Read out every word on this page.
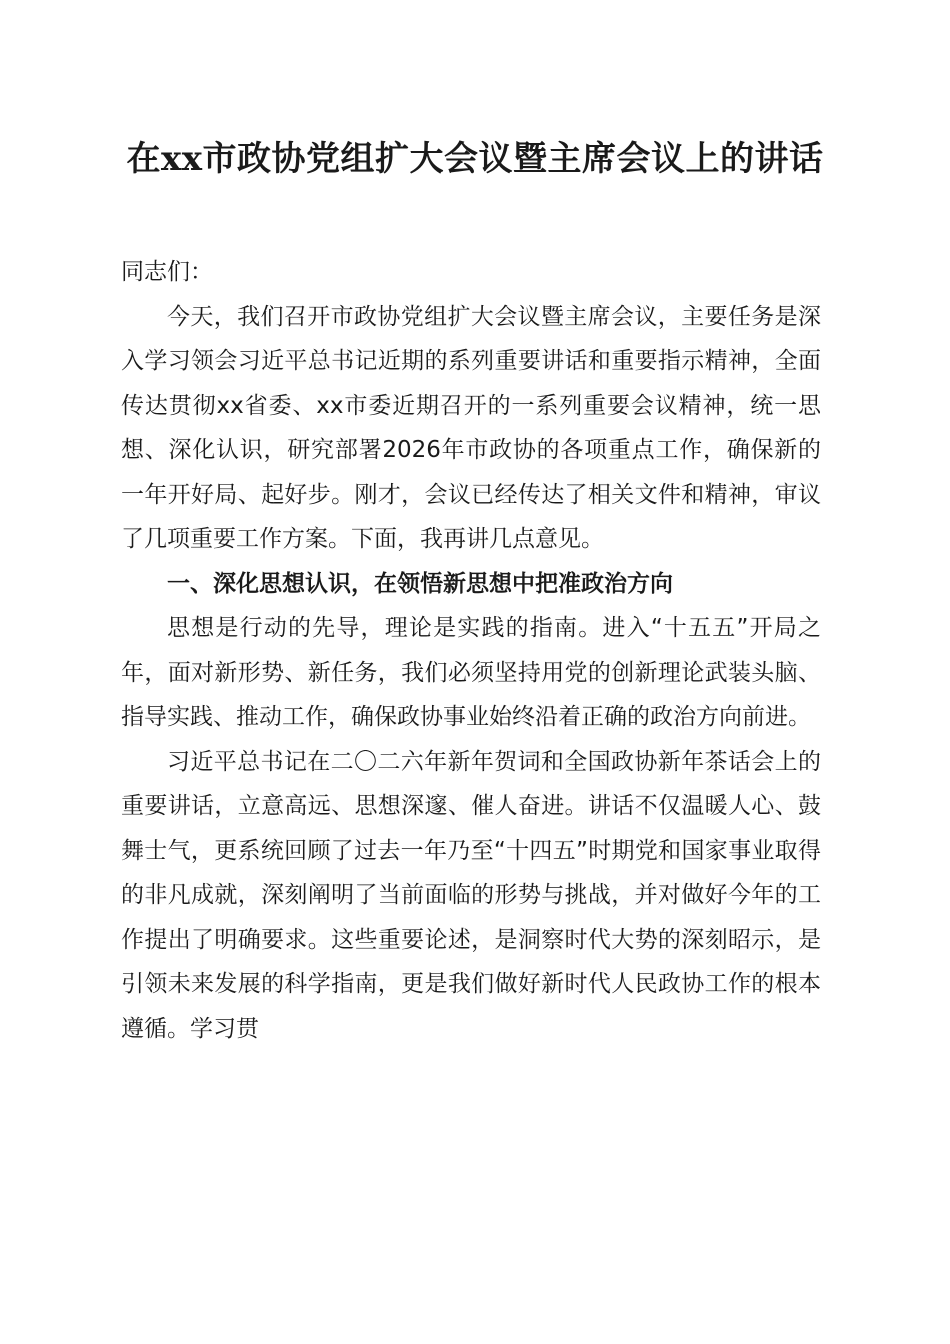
在xx市政协党组扩大会议暨主席会议上的讲话

同志们：

今天，我们召开市政协党组扩大会议暨主席会议，主要任务是深入学习领会习近平总书记近期的系列重要讲话和重要指示精神，全面传达贯彻xx省委、xx市委近期召开的一系列重要会议精神，统一思想、深化认识，研究部署2026年市政协的各项重点工作，确保新的一年开好局、起好步。刚才，会议已经传达了相关文件和精神，审议了几项重要工作方案。下面，我再讲几点意见。

一、深化思想认识，在领悟新思想中把准政治方向

思想是行动的先导，理论是实践的指南。进入“十五五”开局之年，面对新形势、新任务，我们必须坚持用党的创新理论武装头脑、指导实践、推动工作，确保政协事业始终沿着正确的政治方向前进。

习近平总书记在二〇二六年新年贺词和全国政协新年茶话会上的重要讲话，立意高远、思想深邃、催人奋进。讲话不仅温暖人心、鼓舞士气，更系统回顾了过去一年乃至“十四五”时期党和国家事业取得的非凡成就，深刻阐明了当前面临的形势与挑战，并对做好今年的工作提出了明确要求。这些重要论述，是洞察时代大势的深刻昭示，是引领未来发展的科学指南，更是我们做好新时代人民政协工作的根本遵循。学习贯
